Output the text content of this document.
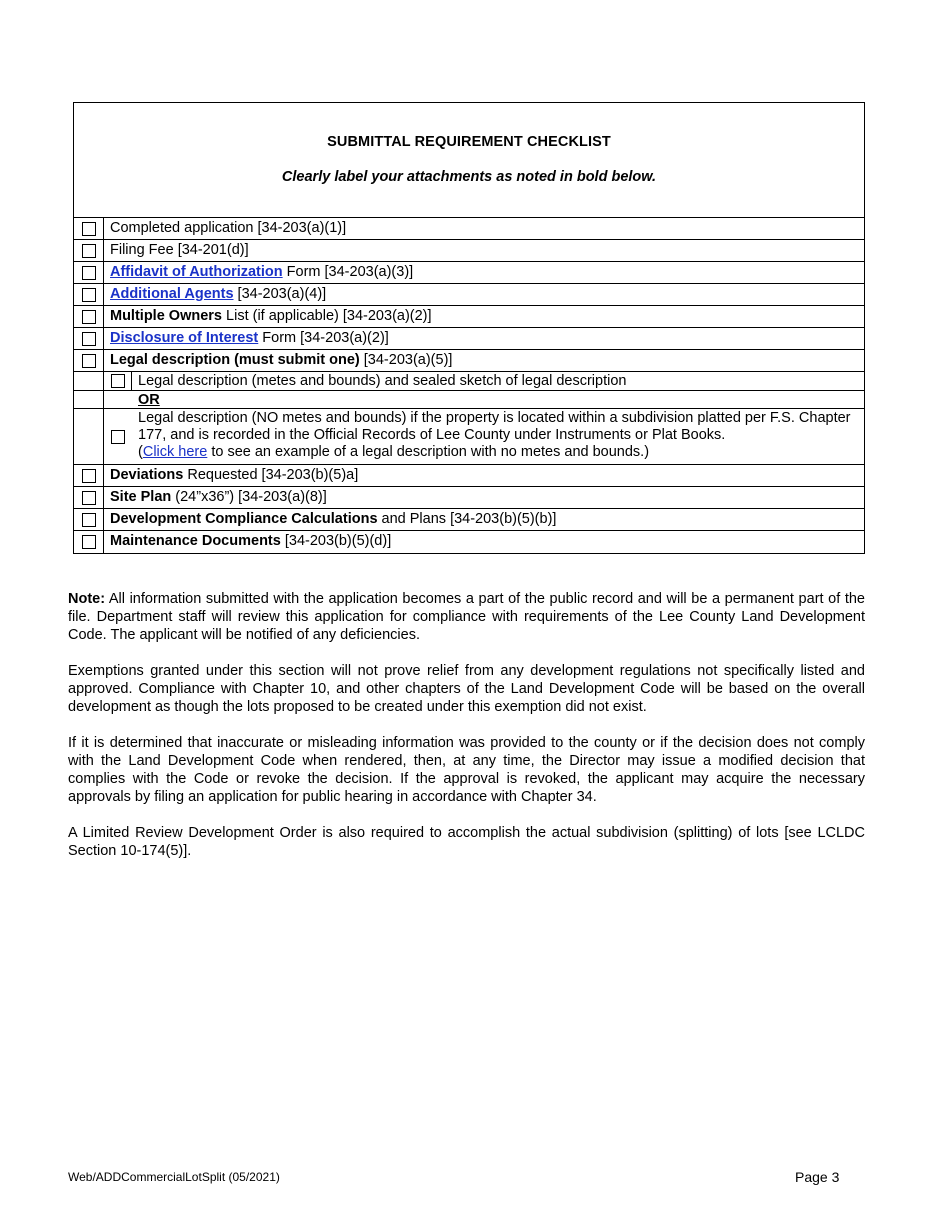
SUBMITTAL REQUIREMENT CHECKLIST
Clearly label your attachments as noted in bold below.
Completed application [34-203(a)(1)]
Filing Fee [34-201(d)]
Affidavit of Authorization Form [34-203(a)(3)]
Additional Agents [34-203(a)(4)]
Multiple Owners List (if applicable) [34-203(a)(2)]
Disclosure of Interest Form [34-203(a)(2)]
Legal description (must submit one) [34-203(a)(5)]
Legal description (metes and bounds) and sealed sketch of legal description
OR
Legal description (NO metes and bounds) if the property is located within a subdivision platted per F.S. Chapter 177, and is recorded in the Official Records of Lee County under Instruments or Plat Books.
(Click here to see an example of a legal description with no metes and bounds.)
Deviations Requested [34-203(b)(5)a]
Site Plan (24”x36”) [34-203(a)(8)]
Development Compliance Calculations and Plans [34-203(b)(5)(b)]
Maintenance Documents [34-203(b)(5)(d)]

Note: All information submitted with the application becomes a part of the public record and will be a permanent part of the file. Department staff will review this application for compliance with requirements of the Lee County Land Development Code. The applicant will be notified of any deficiencies.

Exemptions granted under this section will not prove relief from any development regulations not specifically listed and approved. Compliance with Chapter 10, and other chapters of the Land Development Code will be based on the overall development as though the lots proposed to be created under this exemption did not exist.

If it is determined that inaccurate or misleading information was provided to the county or if the decision does not comply with the Land Development Code when rendered, then, at any time, the Director may issue a modified decision that complies with the Code or revoke the decision. If the approval is revoked, the applicant may acquire the necessary approvals by filing an application for public hearing in accordance with Chapter 34.

A Limited Review Development Order is also required to accomplish the actual subdivision (splitting) of lots [see LCLDC Section 10-174(5)].

Web/ADDCommercialLotSplit (05/2021)	Page 3
